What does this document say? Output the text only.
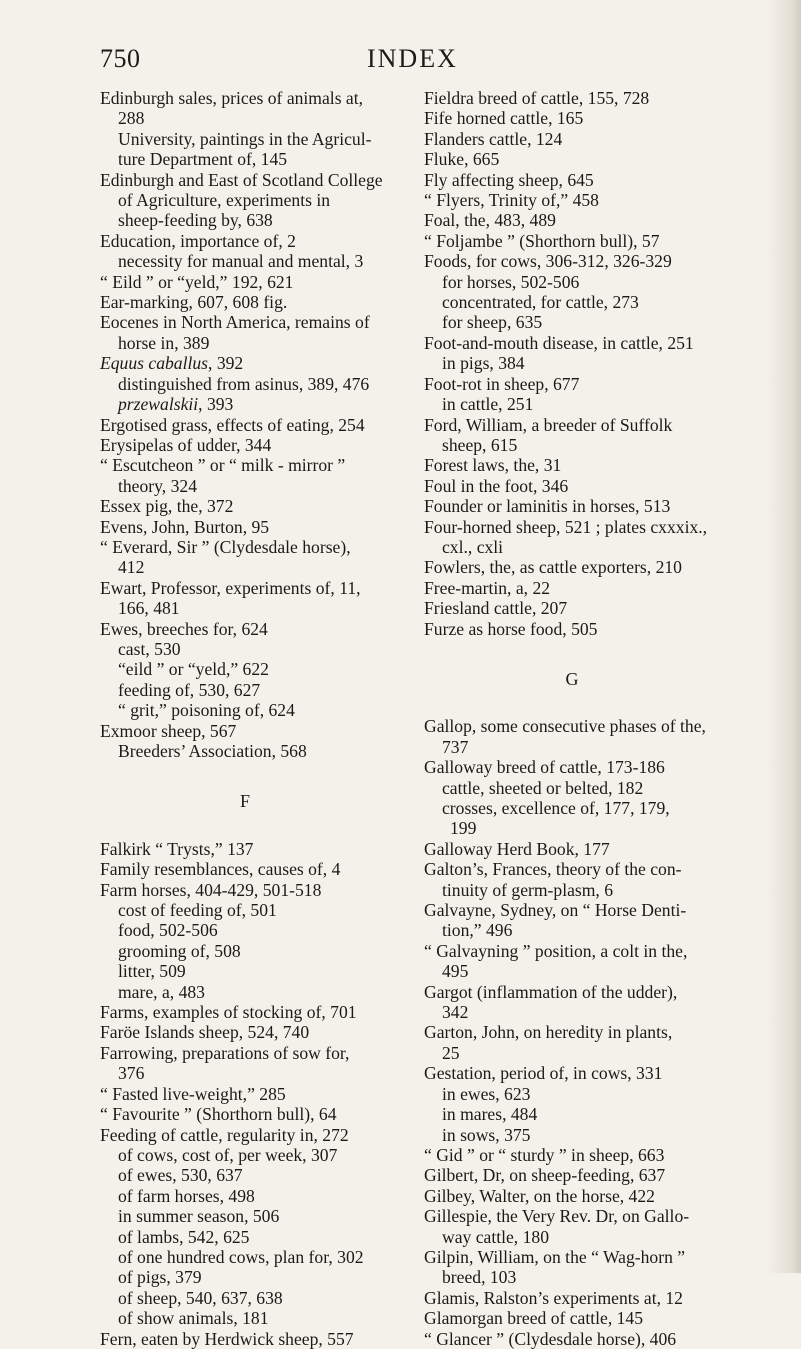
750	INDEX
Edinburgh sales, prices of animals at,
288
University, paintings in the Agricul-
ture Department of, 145
Edinburgh and East of Scotland College
of Agriculture, experiments in
sheep-feeding by, 638
Education, importance of, 2
necessity for manual and mental, 3
“ Eild ” or “yeld,” 192, 621
Ear-marking, 607, 608 fig.
Eocenes in North America, remains of
horse in, 389
Equus caballus, 392
distinguished from asinus, 389, 476
przewalskii, 393
Ergotised grass, effects of eating, 254
Erysipelas of udder, 344
“ Escutcheon ” or “ milk - mirror ”
theory, 324
Essex pig, the, 372
Evens, John, Burton, 95
“ Everard, Sir ” (Clydesdale horse),
412
Ewart, Professor, experiments of, 11,
166, 481
Ewes, breeches for, 624
cast, 530
“eild ” or “yeld,” 622
feeding of, 530, 627
“ grit,” poisoning of, 624
Exmoor sheep, 567
Breeders’ Association, 568
F
Falkirk “ Trysts,” 137
Family resemblances, causes of, 4
Farm horses, 404-429, 501-518
cost of feeding of, 501
food, 502-506
grooming of, 508
litter, 509
mare, a, 483
Farms, examples of stocking of, 701
Faröe Islands sheep, 524, 740
Farrowing, preparations of sow for,
376
“ Fasted live-weight,” 285
“ Favourite ” (Shorthorn bull), 64
Feeding of cattle, regularity in, 272
of cows, cost of, per week, 307
of ewes, 530, 637
of farm horses, 498
in summer season, 506
of lambs, 542, 625
of one hundred cows, plan for, 302
of pigs, 379
of sheep, 540, 637, 638
of show animals, 181
Fern, eaten by Herdwick sheep, 557
Fieldra breed of cattle, 155, 728
Fife horned cattle, 165
Flanders cattle, 124
Fluke, 665
Fly affecting sheep, 645
“ Flyers, Trinity of,” 458
Foal, the, 483, 489
“ Foljambe ” (Shorthorn bull), 57
Foods, for cows, 306-312, 326-329
for horses, 502-506
concentrated, for cattle, 273
for sheep, 635
Foot-and-mouth disease, in cattle, 251
in pigs, 384
Foot-rot in sheep, 677
in cattle, 251
Ford, William, a breeder of Suffolk
sheep, 615
Forest laws, the, 31
Foul in the foot, 346
Founder or laminitis in horses, 513
Four-horned sheep, 521 ; plates cxxxix.,
cxl., cxli
Fowlers, the, as cattle exporters, 210
Free-martin, a, 22
Friesland cattle, 207
Furze as horse food, 505
G
Gallop, some consecutive phases of the,
737
Galloway breed of cattle, 173-186
cattle, sheeted or belted, 182
crosses, excellence of, 177, 179,
199
Galloway Herd Book, 177
Galton’s, Frances, theory of the con-
tinuity of germ-plasm, 6
Galvayne, Sydney, on “ Horse Denti-
tion,” 496
“ Galvayning ” position, a colt in the,
495
Gargot (inflammation of the udder),
342
Garton, John, on heredity in plants,
25
Gestation, period of, in cows, 331
in ewes, 623
in mares, 484
in sows, 375
“ Gid ” or “ sturdy ” in sheep, 663
Gilbert, Dr, on sheep-feeding, 637
Gilbey, Walter, on the horse, 422
Gillespie, the Very Rev. Dr, on Gallo-
way cattle, 180
Gilpin, William, on the “ Wag-horn ”
breed, 103
Glamis, Ralston’s experiments at, 12
Glamorgan breed of cattle, 145
“ Glancer ” (Clydesdale horse), 406
